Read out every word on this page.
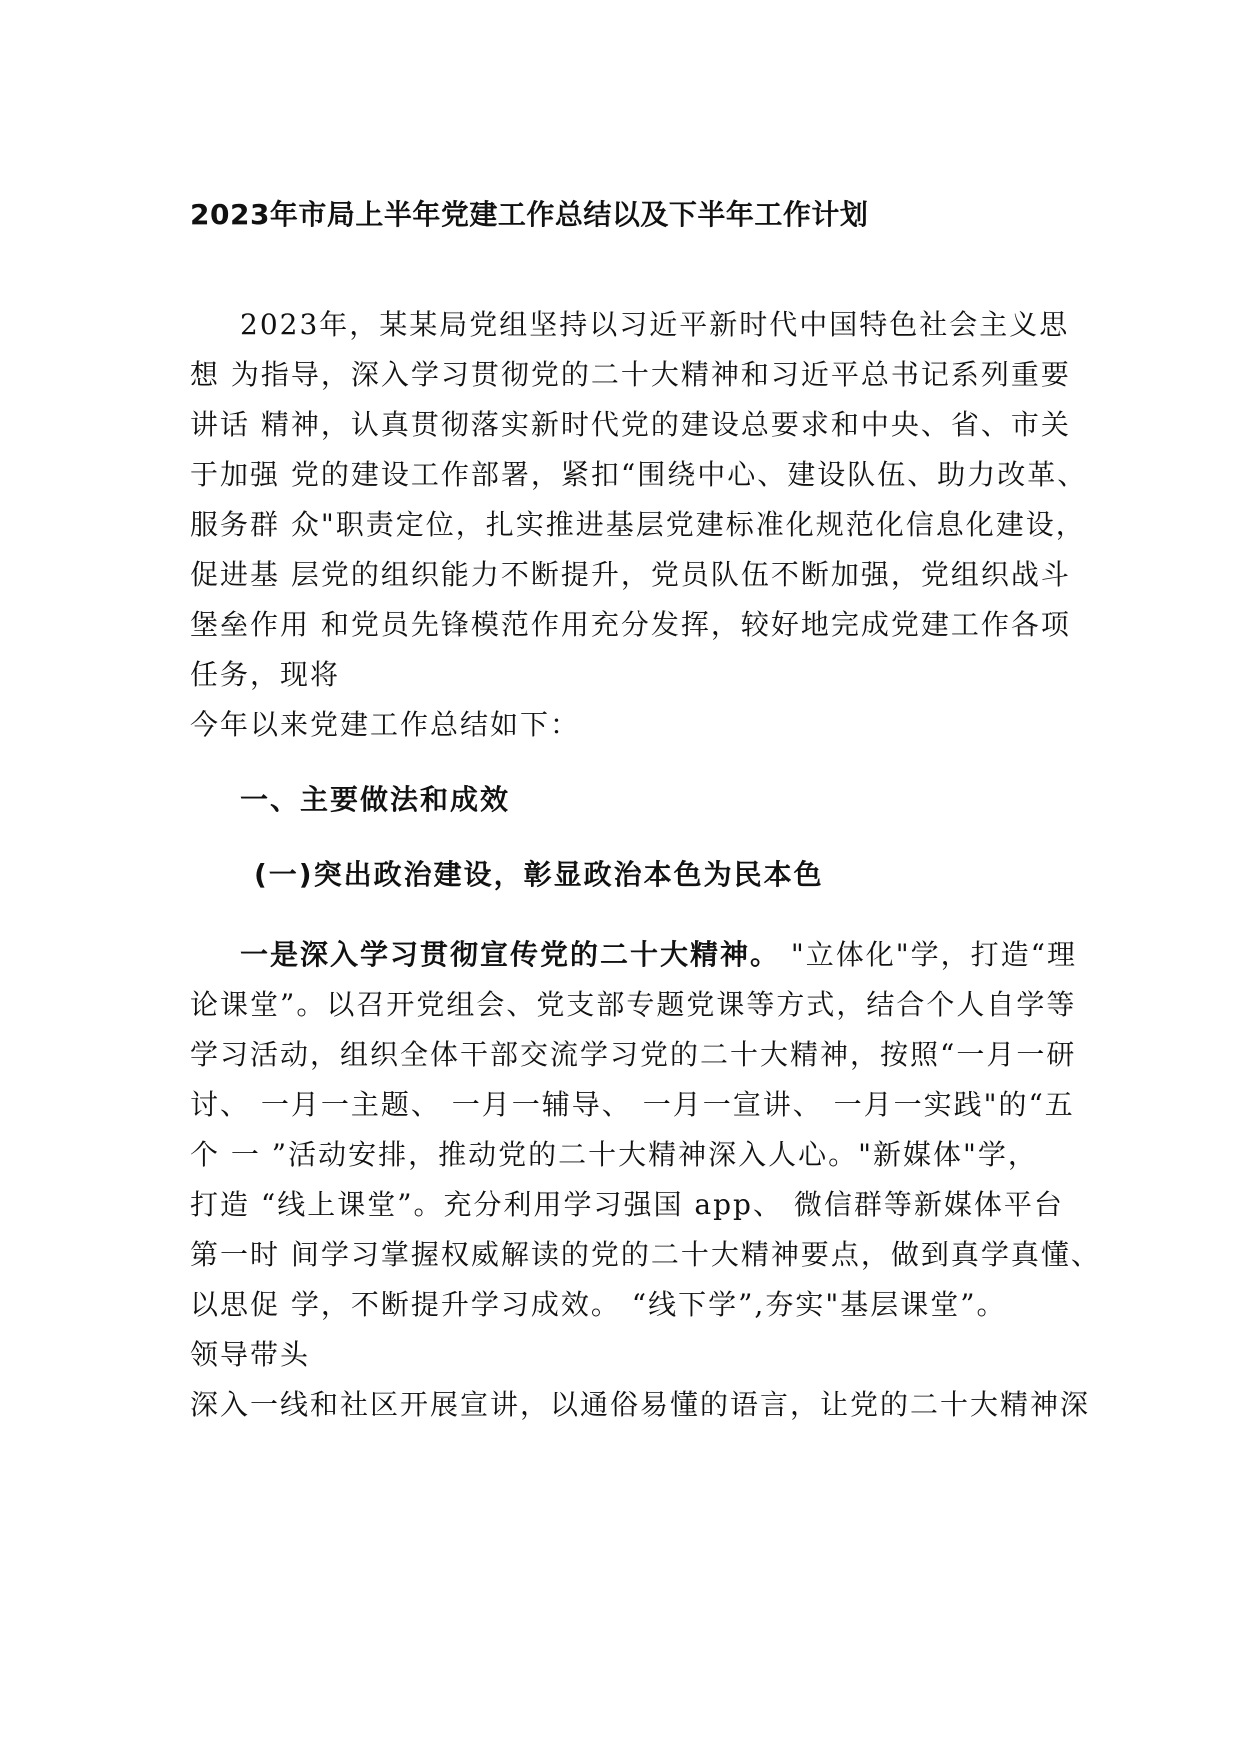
2023年市局上半年党建工作总结以及下半年工作计划

2023年，某某局党组坚持以习近平新时代中国特色社会主义思

想 为指导，深入学习贯彻党的二十大精神和习近平总书记系列重要

讲话 精神，认真贯彻落实新时代党的建设总要求和中央、省、市关

于加强 党的建设工作部署，紧扣“围绕中心、建设队伍、助力改革、

服务群 众"职责定位，扎实推进基层党建标准化规范化信息化建设，

促进基 层党的组织能力不断提升，党员队伍不断加强，党组织战斗

堡垒作用 和党员先锋模范作用充分发挥，较好地完成党建工作各项

任务，现将

今年以来党建工作总结如下：

一、主要做法和成效
(一)突出政治建设，彰显政治本色为民本色

一是深入学习贯彻宣传党的二十大精神。 "立体化"学，打造“理

论课堂”。以召开党组会、党支部专题党课等方式，结合个人自学等

学习活动，组织全体干部交流学习党的二十大精神，按照“一月一研

讨、 一月一主题、 一月一辅导、 一月一宣讲、 一月一实践"的“五

个 一 ”活动安排，推动党的二十大精神深入人心。"新媒体"学，

打造 “线上课堂”。充分利用学习强国 app、 微信群等新媒体平台

第一时 间学习掌握权威解读的党的二十大精神要点，做到真学真懂、

以思促 学，不断提升学习成效。 “线下学”,夯实"基层课堂”。

领导带头

深入一线和社区开展宣讲，以通俗易懂的语言，让党的二十大精神深
